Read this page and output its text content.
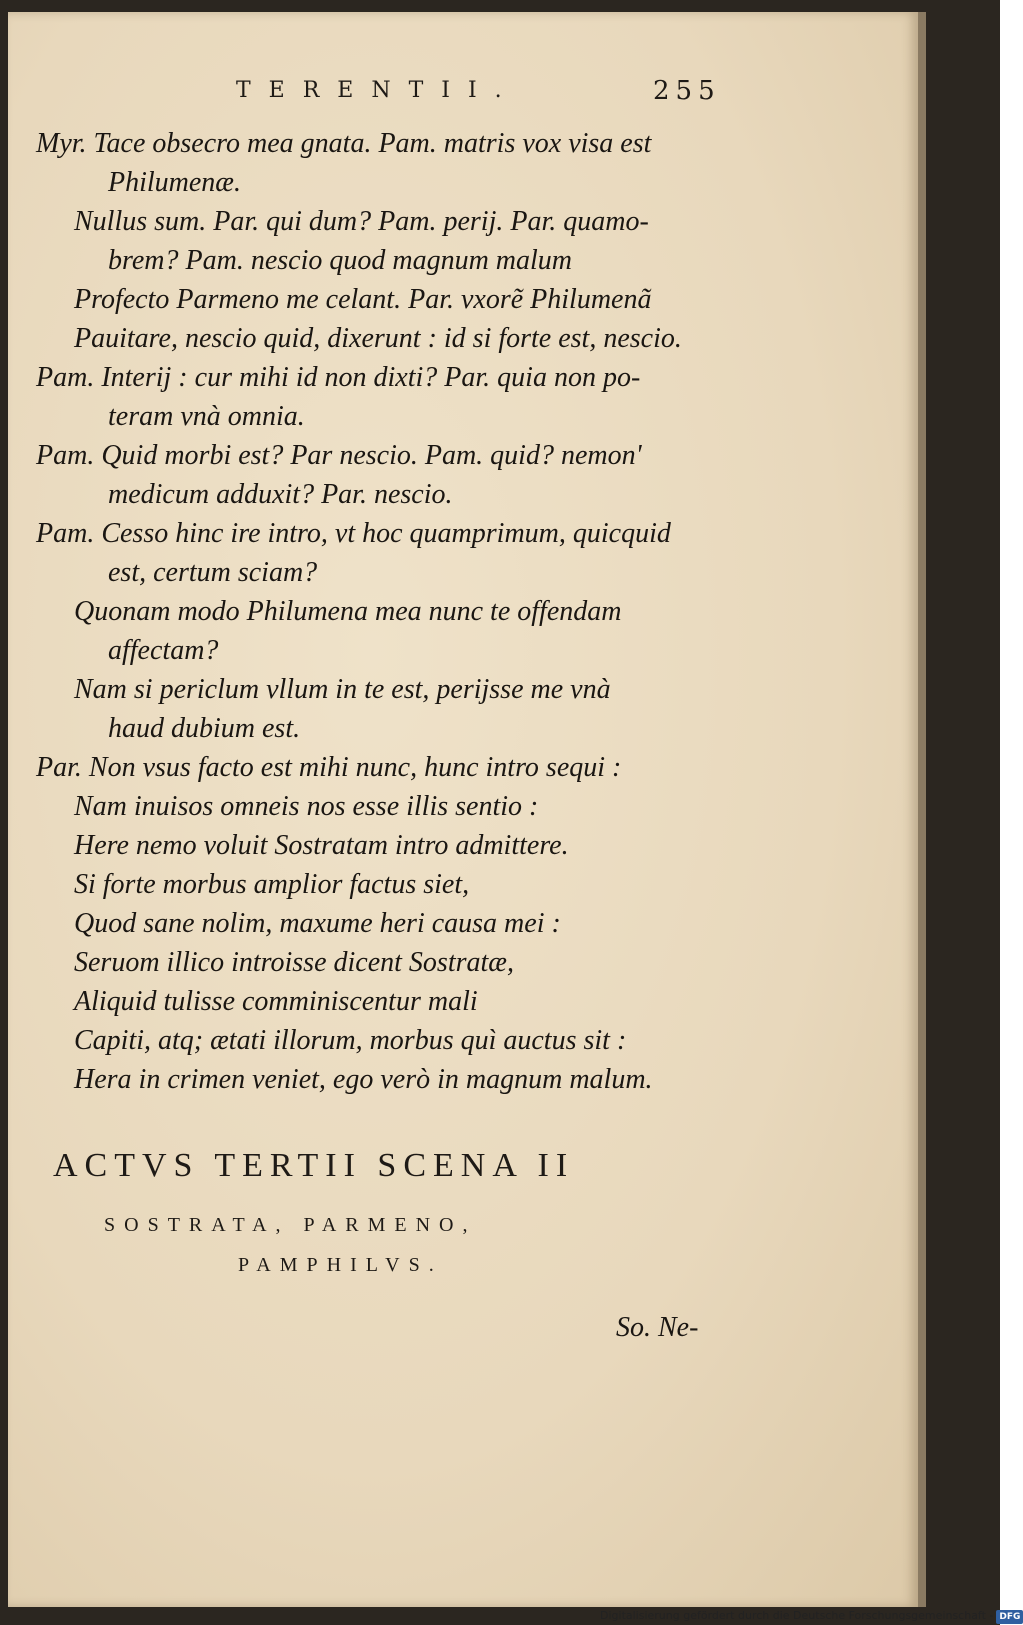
TERENTII.	255
Myr. Tace obsecro mea gnata. Pam. matris vox visa est
Philumenæ.
Nullus sum. Par. qui dum? Pam. perij. Par. quamo-
brem? Pam. nescio quod magnum malum
Profecto Parmeno me celant. Par. vxorẽ Philumenã
Pauitare, nescio quid, dixerunt : id si forte est, nescio.
Pam. Interij : cur mihi id non dixti? Par. quia non po-
teram vnà omnia.
Pam. Quid morbi est? Par nescio. Pam. quid? nemon'
medicum adduxit? Par. nescio.
Pam. Cesso hinc ire intro, vt hoc quamprimum, quicquid
est, certum sciam?
Quonam modo Philumena mea nunc te offendam
affectam?
Nam si periclum vllum in te est, perijsse me vnà
haud dubium est.
Par. Non vsus facto est mihi nunc, hunc intro sequi :
Nam inuisos omneis nos esse illis sentio :
Here nemo voluit Sostratam intro admittere.
Si forte morbus amplior factus siet,
Quod sane nolim, maxume heri causa mei :
Seruom illico introisse dicent Sostratæ,
Aliquid tulisse comminiscentur mali
Capiti, atq; ætati illorum, morbus quì auctus sit :
Hera in crimen veniet, ego verò in magnum malum.
ACTVS TERTII SCENA II
SOSTRATA, PARMENO,
PAMPHILVS.
So. Ne-
Digitalisierung gefördert durch die Deutsche Forschungsgemeinschaft - DFG
